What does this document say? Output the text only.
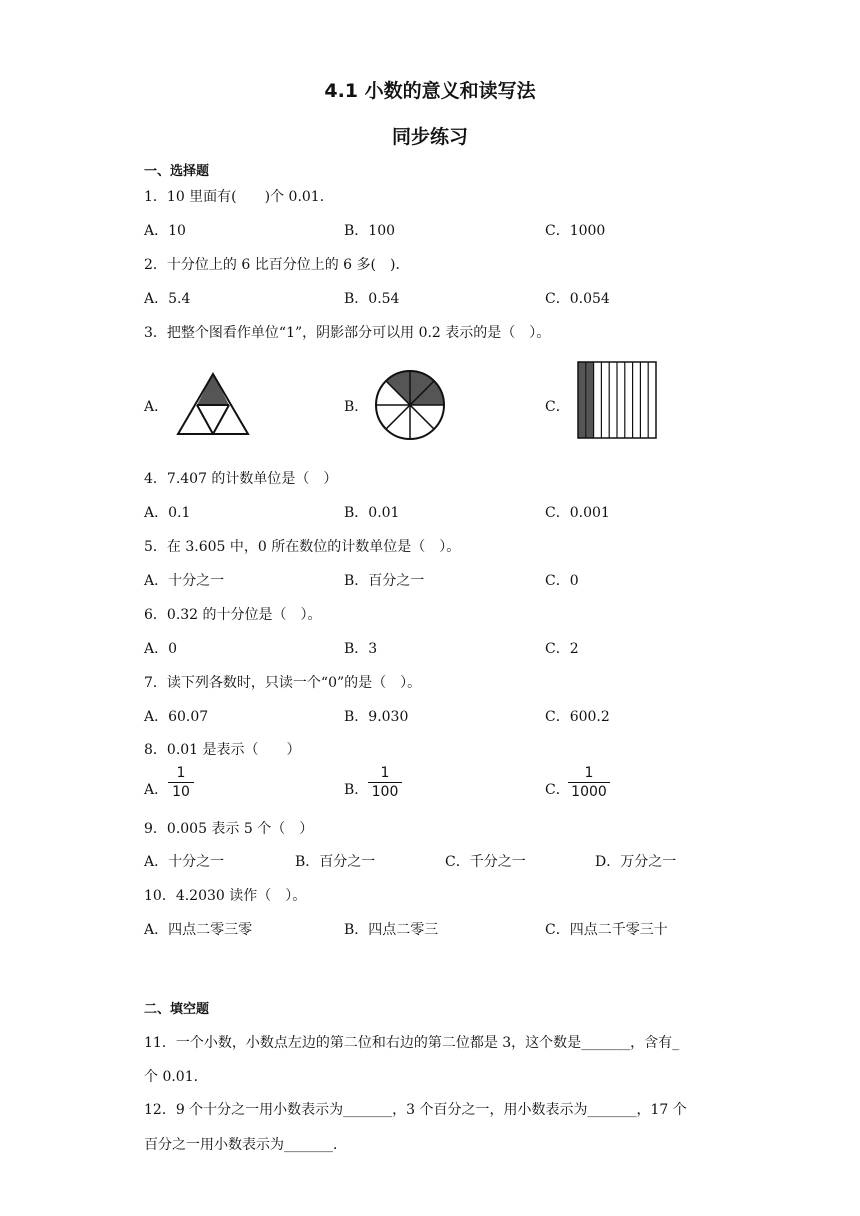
4.1 小数的意义和读写法
同步练习
一、选择题
1．10 里面有(　　)个 0.01．
A．10	B．100	C．1000
2．十分位上的 6 比百分位上的 6 多(　)．
A．5.4	B．0.54	C．0.054
3．把整个图看作单位“1”，阴影部分可以用 0.2 表示的是（　）。
A．	B．	C．
4．7.407 的计数单位是（　）
A．0.1	B．0.01	C．0.001
5．在 3.605 中，0 所在数位的计数单位是（　）。
A．十分之一	B．百分之一	C．0
6．0.32 的十分位是（　）。
A．0	B．3	C．2
7．读下列各数时，只读一个“0”的是（　）。
A．60.07	B．9.030	C．600.2
8．0.01 是表示（　　）
A．	B．	C．
1
10
1
100
1
1000
9．0.005 表示 5 个（　）
A．十分之一	B．百分之一	C．千分之一	D．万分之一
10．4.2030 读作（　）。
A．四点二零三零	B．四点二零三	C．四点二千零三十
二、填空题
11．一个小数，小数点左边的第二位和右边的第二位都是 3，这个数是_______，含有_
个 0.01．
12．9 个十分之一用小数表示为_______，3 个百分之一，用小数表示为_______，17 个
百分之一用小数表示为_______．
